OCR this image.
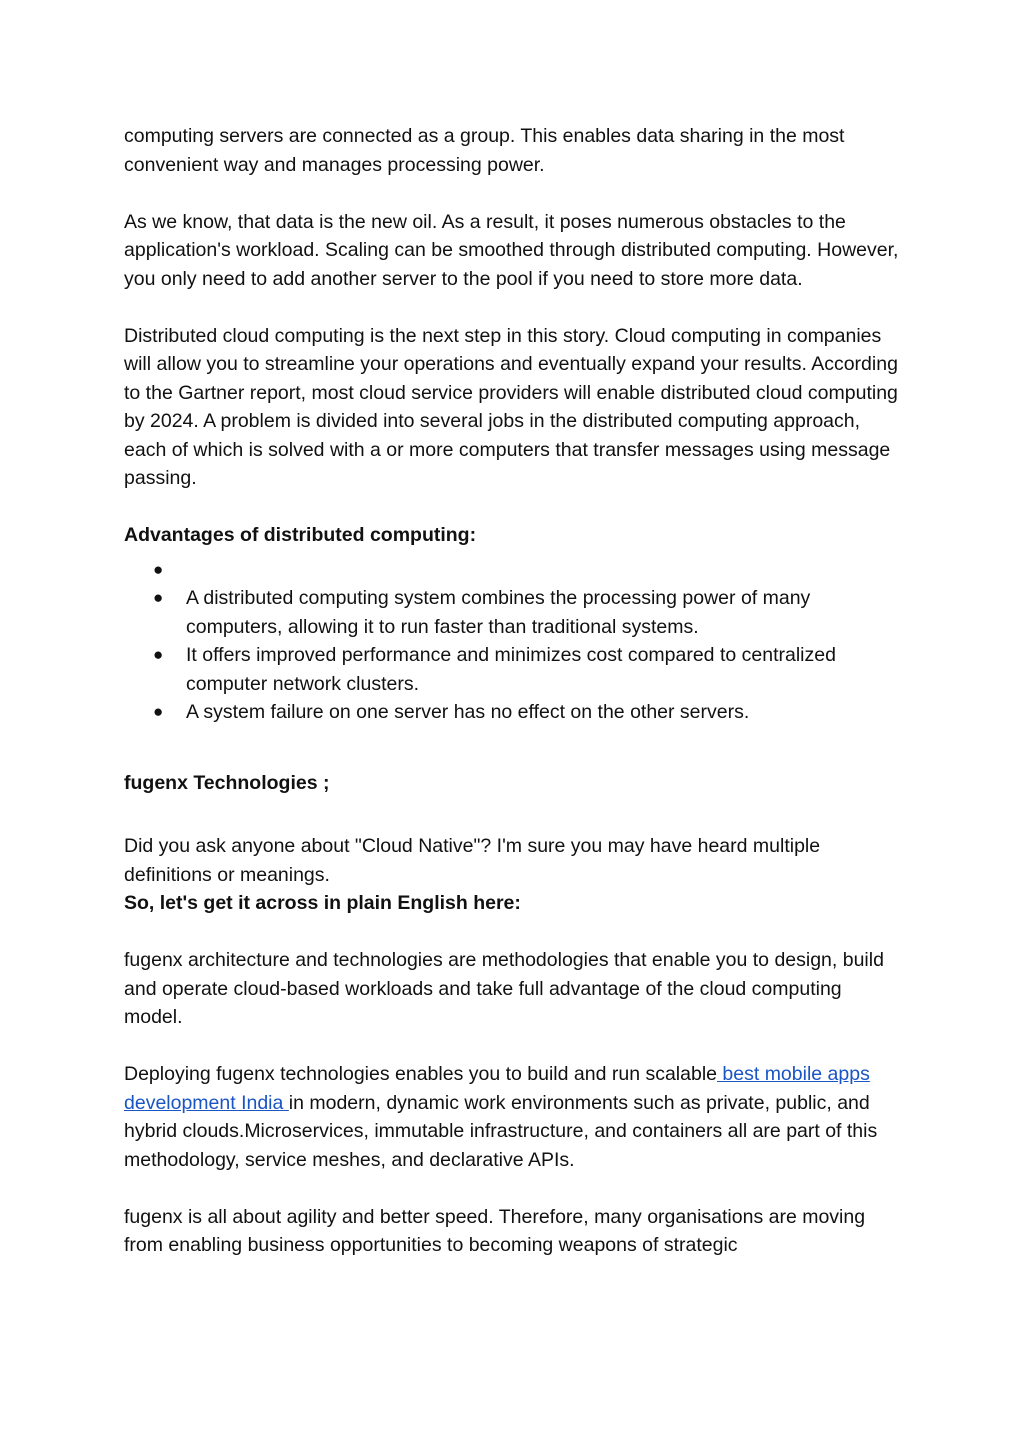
computing servers are connected as a group. This enables data sharing in the most convenient way and manages processing power.

As we know, that data is the new oil. As a result, it poses numerous obstacles to the application's workload. Scaling can be smoothed through distributed computing. However, you only need to add another server to the pool if you need to store more data.

Distributed cloud computing is the next step in this story. Cloud computing in companies will allow you to streamline your operations and eventually expand your results. According to the Gartner report, most cloud service providers will enable distributed cloud computing by 2024. A problem is divided into several jobs in the distributed computing approach, each of which is solved with a or more computers that transfer messages using message passing.

Advantages of distributed computing:

●
● A distributed computing system combines the processing power of many computers, allowing it to run faster than traditional systems.
● It offers improved performance and minimizes cost compared to centralized computer network clusters.
● A system failure on one server has no effect on the other servers.

fugenx Technologies ;

Did you ask anyone about "Cloud Native"? I'm sure you may have heard multiple definitions or meanings.

So, let's get it across in plain English here:

fugenx architecture and technologies are methodologies that enable you to design, build and operate cloud-based workloads and take full advantage of the cloud computing model.

Deploying fugenx technologies enables you to build and run scalable best mobile apps development India in modern, dynamic work environments such as private, public, and hybrid clouds.Microservices, immutable infrastructure, and containers all are part of this methodology, service meshes, and declarative APIs.

fugenx is all about agility and better speed. Therefore, many organisations are moving from enabling business opportunities to becoming weapons of strategic
